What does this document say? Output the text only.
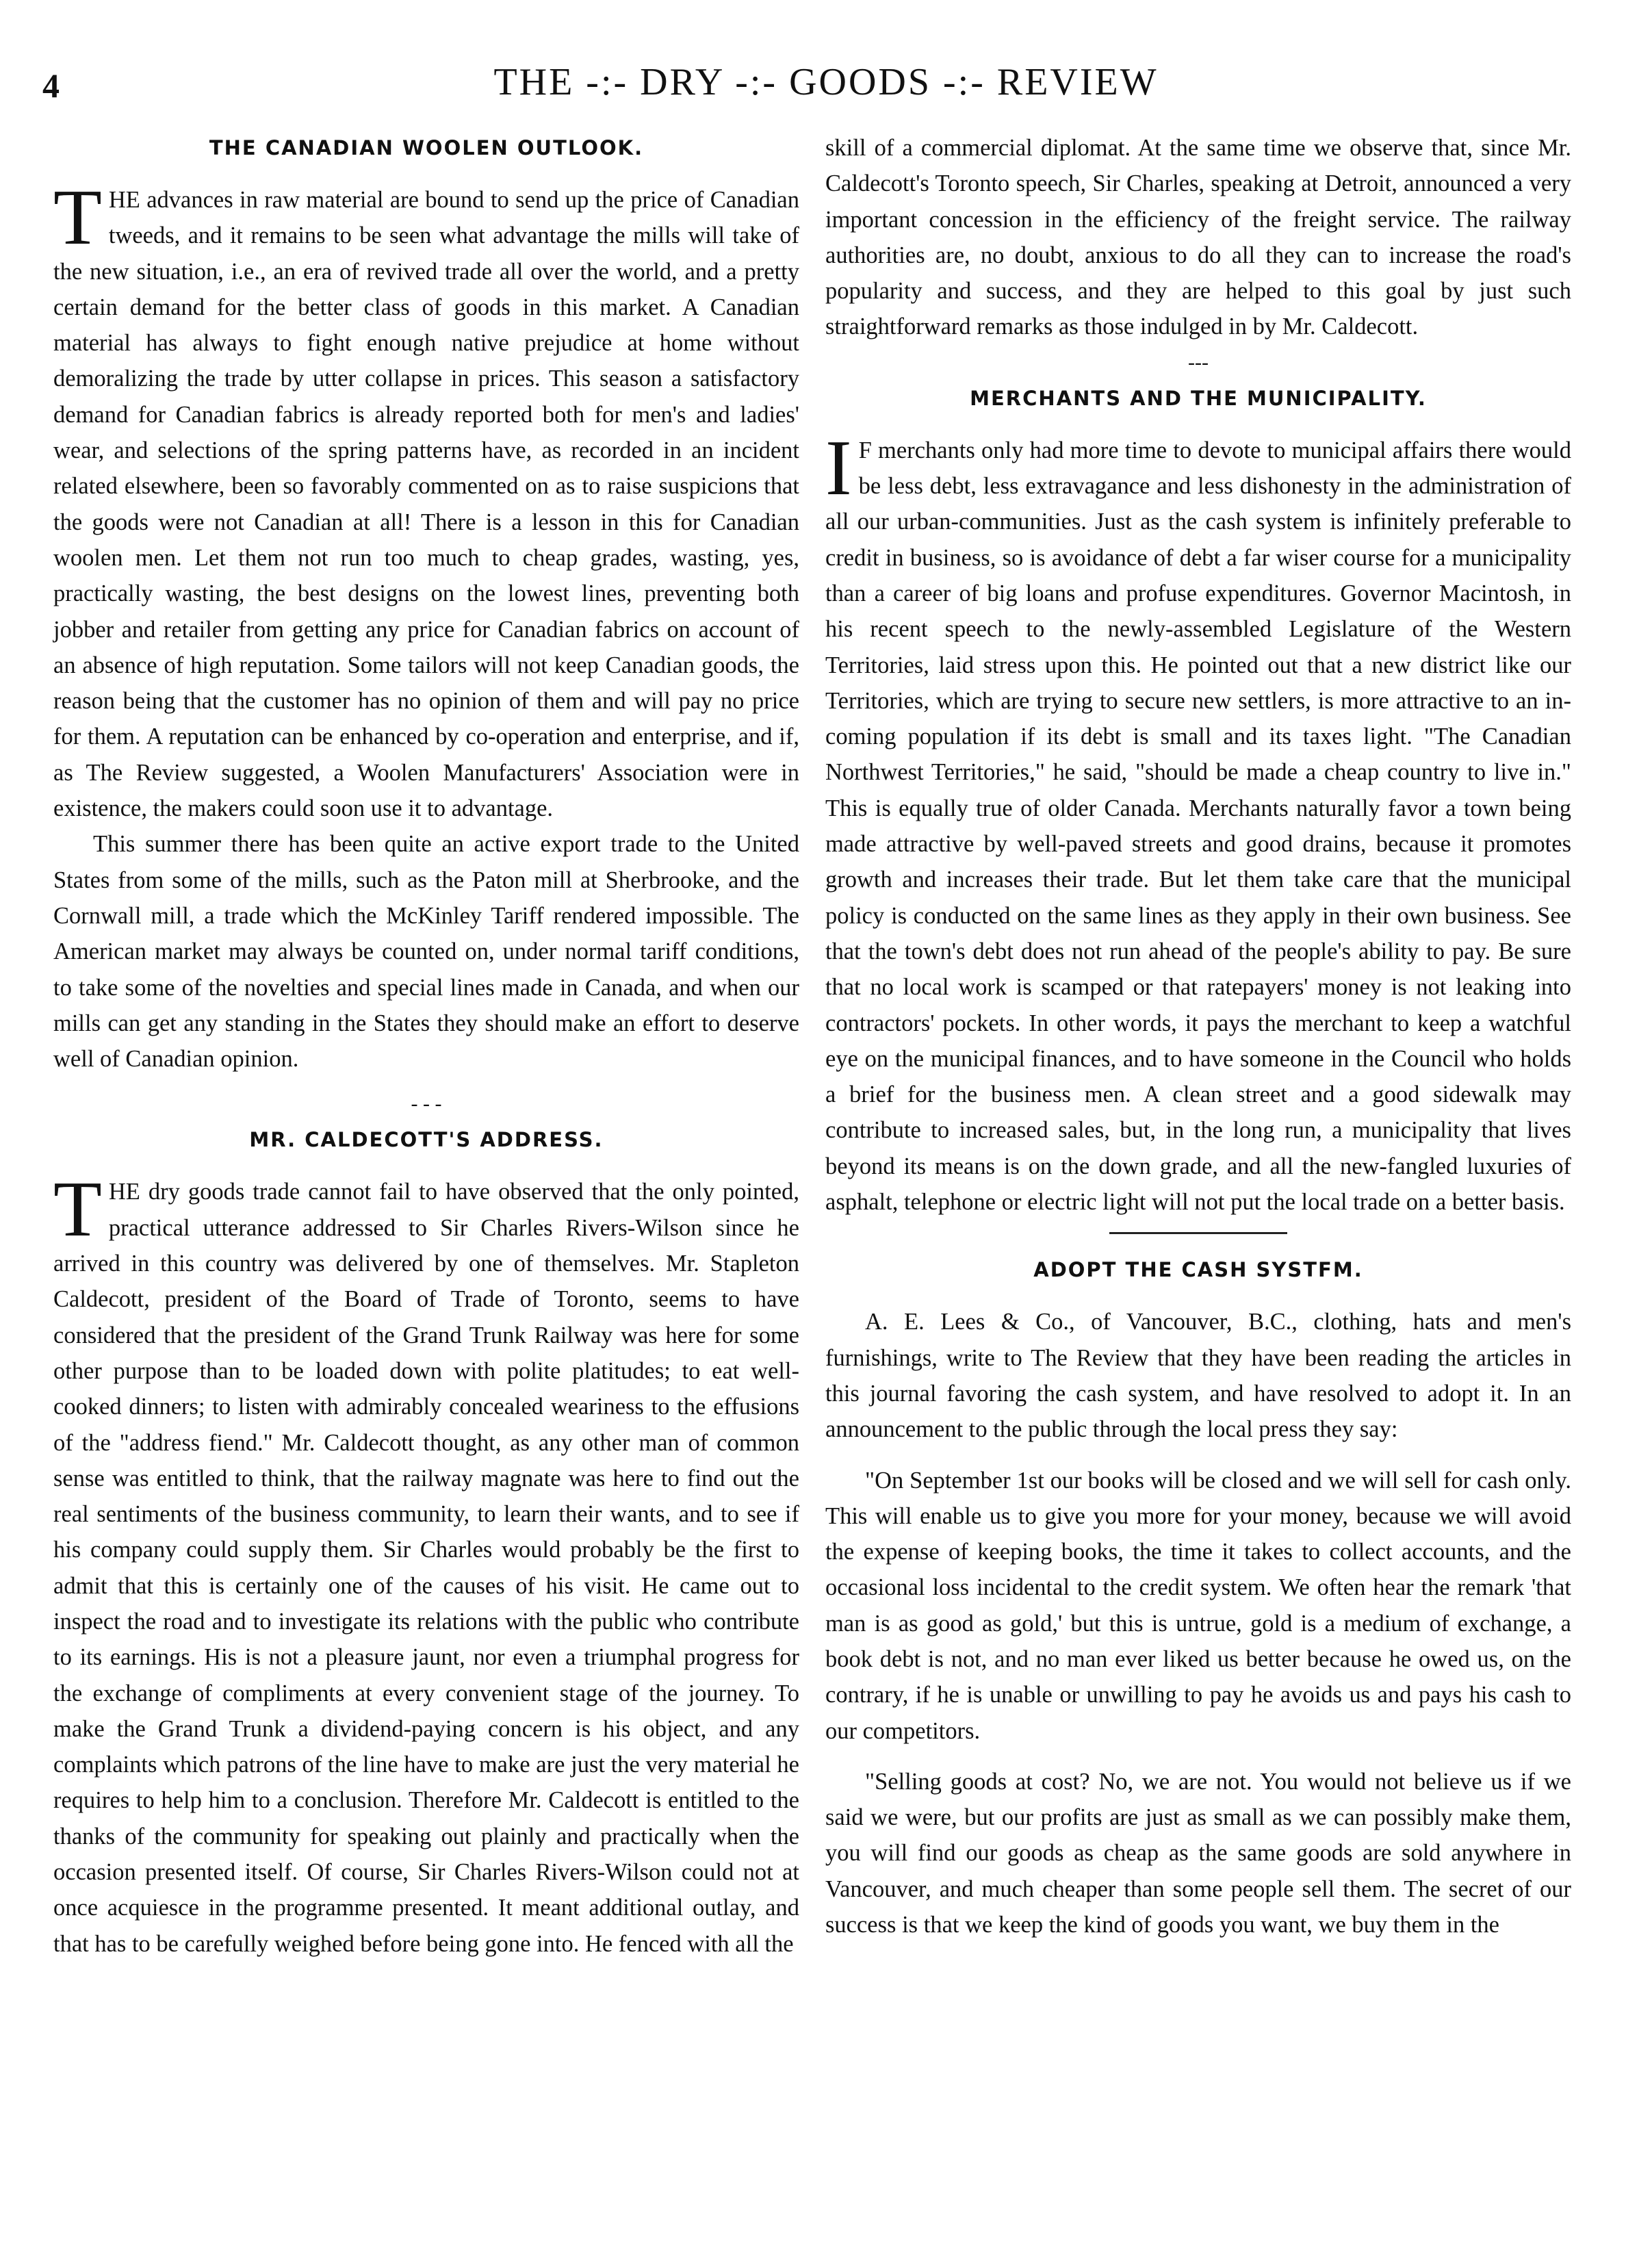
4	THE -:- DRY -:- GOODS -:- REVIEW
THE CANADIAN WOOLEN OUTLOOK.

THE advances in raw material are bound to send up the price of Canadian tweeds, and it remains to be seen what advantage the mills will take of the new situation, i.e., an era of revived trade all over the world, and a pretty certain demand for the better class of goods in this market. A Canadian material has always to fight enough native prejudice at home without demoralizing the trade by utter collapse in prices. This season a satisfactory demand for Canadian fabrics is already reported both for men's and ladies' wear, and selections of the spring patterns have, as recorded in an incident related elsewhere, been so favorably commented on as to raise suspicions that the goods were not Canadian at all! There is a lesson in this for Canadian woolen men. Let them not run too much to cheap grades, wasting, yes, practically wasting, the best designs on the lowest lines, preventing both jobber and retailer from getting any price for Canadian fabrics on account of an absence of high reputation. Some tailors will not keep Canadian goods, the reason being that the customer has no opinion of them and will pay no price for them. A reputation can be enhanced by co-operation and enterprise, and if, as The Review suggested, a Woolen Manufacturers' Association were in existence, the makers could soon use it to advantage.

This summer there has been quite an active export trade to the United States from some of the mills, such as the Paton mill at Sherbrooke, and the Cornwall mill, a trade which the McKinley Tariff rendered impossible. The American market may always be counted on, under normal tariff conditions, to take some of the novelties and special lines made in Canada, and when our mills can get any standing in the States they should make an effort to deserve well of Canadian opinion.

- - -
MR. CALDECOTT'S ADDRESS.

THE dry goods trade cannot fail to have observed that the only pointed, practical utterance addressed to Sir Charles Rivers-Wilson since he arrived in this country was delivered by one of themselves. Mr. Stapleton Caldecott, president of the Board of Trade of Toronto, seems to have considered that the president of the Grand Trunk Railway was here for some other purpose than to be loaded down with polite platitudes; to eat well-cooked dinners; to listen with admirably concealed weariness to the effusions of the "address fiend." Mr. Caldecott thought, as any other man of common sense was entitled to think, that the railway magnate was here to find out the real sentiments of the business community, to learn their wants, and to see if his company could supply them. Sir Charles would probably be the first to admit that this is certainly one of the causes of his visit. He came out to inspect the road and to investigate its relations with the public who contribute to its earnings. His is not a pleasure jaunt, nor even a triumphal progress for the exchange of compliments at every convenient stage of the journey. To make the Grand Trunk a dividend-paying concern is his object, and any complaints which patrons of the line have to make are just the very material he requires to help him to a conclusion. Therefore Mr. Caldecott is entitled to the thanks of the community for speaking out plainly and practically when the occasion presented itself. Of course, Sir Charles Rivers-Wilson could not at once acquiesce in the programme presented. It meant additional outlay, and that has to be carefully weighed before being gone into. He fenced with all the

skill of a commercial diplomat. At the same time we observe that, since Mr. Caldecott's Toronto speech, Sir Charles, speaking at Detroit, announced a very important concession in the efficiency of the freight service. The railway authorities are, no doubt, anxious to do all they can to increase the road's popularity and success, and they are helped to this goal by just such straightforward remarks as those indulged in by Mr. Caldecott.

---
MERCHANTS AND THE MUNICIPALITY.

I F merchants only had more time to devote to municipal affairs there would be less debt, less extravagance and less dishonesty in the administration of all our urban-communities. Just as the cash system is infinitely preferable to credit in business, so is avoidance of debt a far wiser course for a municipality than a career of big loans and profuse expenditures. Governor Macintosh, in his recent speech to the newly-assembled Legislature of the Western Territories, laid stress upon this. He pointed out that a new district like our Territories, which are trying to secure new settlers, is more attractive to an in-coming population if its debt is small and its taxes light. "The Canadian Northwest Territories," he said, "should be made a cheap country to live in." This is equally true of older Canada. Merchants naturally favor a town being made attractive by well-paved streets and good drains, because it promotes growth and increases their trade. But let them take care that the municipal policy is conducted on the same lines as they apply in their own business. See that the town's debt does not run ahead of the people's ability to pay. Be sure that no local work is scamped or that ratepayers' money is not leaking into contractors' pockets. In other words, it pays the merchant to keep a watchful eye on the municipal finances, and to have someone in the Council who holds a brief for the business men. A clean street and a good sidewalk may contribute to increased sales, but, in the long run, a municipality that lives beyond its means is on the down grade, and all the new-fangled luxuries of asphalt, telephone or electric light will not put the local trade on a better basis.

ADOPT THE CASH SYSTFM.

A. E. Lees & Co., of Vancouver, B.C., clothing, hats and men's furnishings, write to The Review that they have been reading the articles in this journal favoring the cash system, and have resolved to adopt it. In an announcement to the public through the local press they say:

"On September 1st our books will be closed and we will sell for cash only. This will enable us to give you more for your money, because we will avoid the expense of keeping books, the time it takes to collect accounts, and the occasional loss incidental to the credit system. We often hear the remark 'that man is as good as gold,' but this is untrue, gold is a medium of exchange, a book debt is not, and no man ever liked us better because he owed us, on the contrary, if he is unable or unwilling to pay he avoids us and pays his cash to our competitors.

"Selling goods at cost? No, we are not. You would not believe us if we said we were, but our profits are just as small as we can possibly make them, you will find our goods as cheap as the same goods are sold anywhere in Vancouver, and much cheaper than some people sell them. The secret of our success is that we keep the kind of goods you want, we buy them in the
